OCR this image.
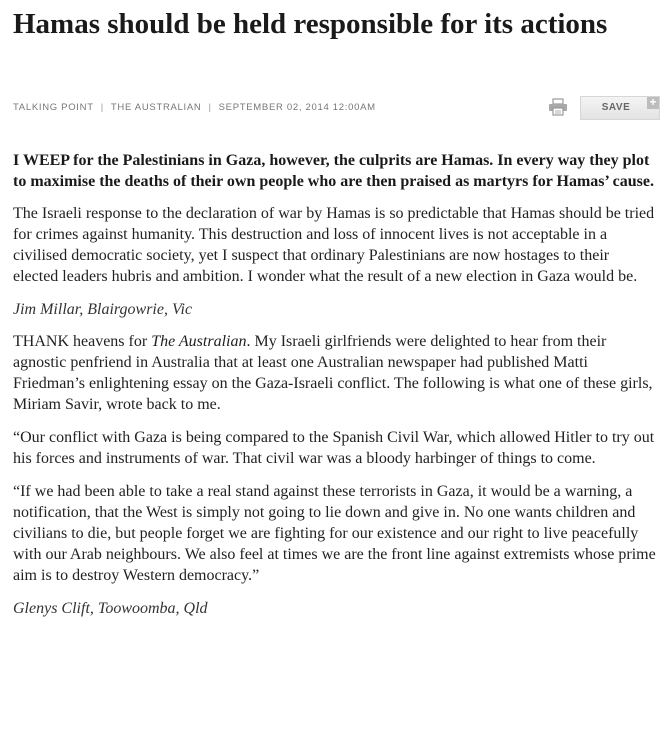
Hamas should be held responsible for its actions
TALKING POINT | THE AUSTRALIAN | SEPTEMBER 02, 2014 12:00AM	SAVE	+

I WEEP for the Palestinians in Gaza, however, the culprits are Hamas. In every way they plot to maximise the deaths of their own people who are then praised as martyrs for Hamas’ cause.

The Israeli response to the declaration of war by Hamas is so predictable that Hamas should be tried for crimes against humanity. This destruction and loss of innocent lives is not acceptable in a civilised democratic society, yet I suspect that ordinary Palestinians are now hostages to their elected leaders hubris and ambition. I wonder what the result of a new election in Gaza would be.

Jim Millar, Blairgowrie, Vic

THANK heavens for The Australian. My Israeli girlfriends were delighted to hear from their agnostic penfriend in Australia that at least one Australian newspaper had published Matti Friedman’s enlightening essay on the Gaza-Israeli conflict. The following is what one of these girls, Miriam Savir, wrote back to me.

“Our conflict with Gaza is being compared to the Spanish Civil War, which allowed Hitler to try out his forces and instruments of war. That civil war was a bloody harbinger of things to come.

“If we had been able to take a real stand against these terrorists in Gaza, it would be a warning, a notification, that the West is simply not going to lie down and give in. No one wants children and civilians to die, but people forget we are fighting for our existence and our right to live peacefully with our Arab neighbours. We also feel at times we are the front line against extremists whose prime aim is to destroy Western democracy.”

Glenys Clift, Toowoomba, Qld
